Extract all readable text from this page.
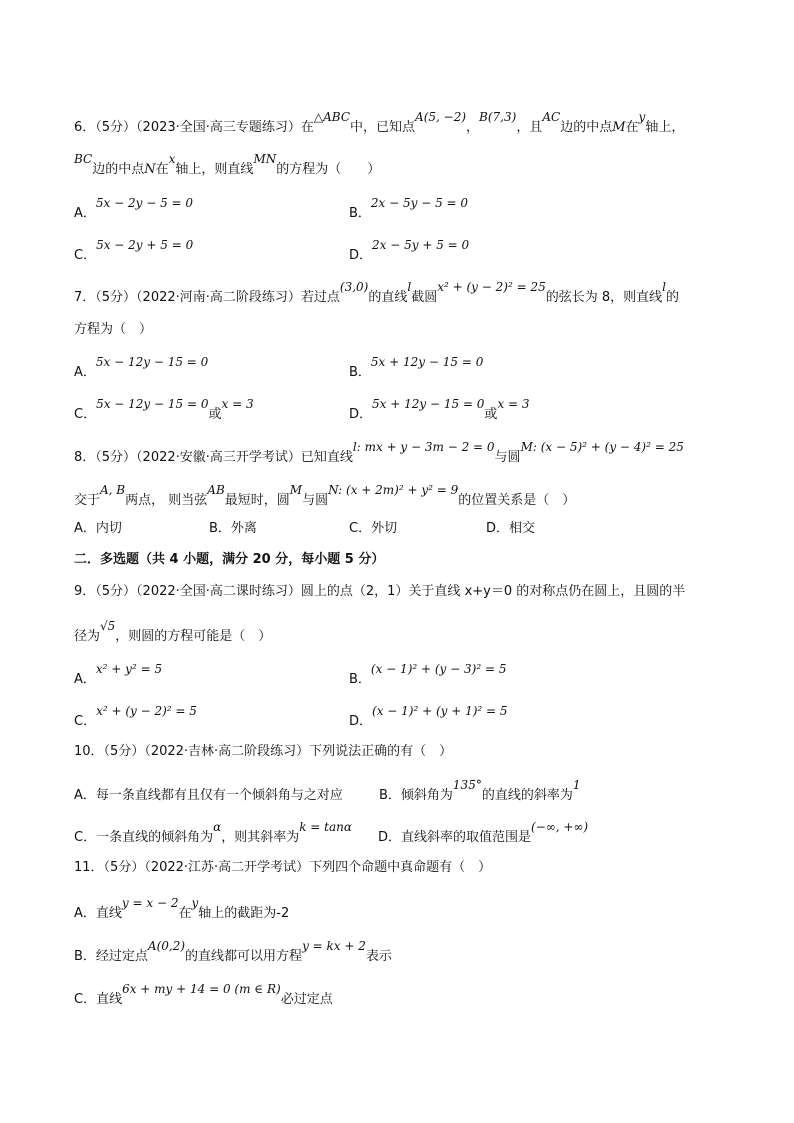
6．（5分）（2023·全国·高三专题练习）在△ABC中，已知点A(5, −2)，B(7,3)，且AC边的中点M在y轴上，
BC边的中点N在x轴上，则直线MN的方程为（　　）
A．5x − 2y − 5 = 0
B．2x − 5y − 5 = 0
C．5x − 2y + 5 = 0
D．2x − 5y + 5 = 0
7．（5分）（2022·河南·高二阶段练习）若过点(3,0)的直线l截圆x² + (y − 2)² = 25的弦长为 8，则直线l的
方程为（　）
A．5x − 12y − 15 = 0
B．5x + 12y − 15 = 0
C．5x − 12y − 15 = 0或x = 3
D．5x + 12y − 15 = 0或x = 3
8．（5分）（2022·安徽·高三开学考试）已知直线l: mx + y − 3m − 2 = 0与圆M: (x − 5)² + (y − 4)² = 25
交于A, B两点， 则当弦AB最短时，圆M与圆N: (x + 2m)² + y² = 9的位置关系是（　）
A．内切	B．外离	C．外切	D．相交
二．多选题（共 4 小题，满分 20 分，每小题 5 分）
9．（5分）（2022·全国·高二课时练习）圆上的点（2，1）关于直线 x+y＝0 的对称点仍在圆上，且圆的半
径为√5，则圆的方程可能是（　）
A．x² + y² = 5
B．(x − 1)² + (y − 3)² = 5
C．x² + (y − 2)² = 5
D．(x − 1)² + (y + 1)² = 5
10．（5分）（2022·吉林·高二阶段练习）下列说法正确的有（　）
A．每一条直线都有且仅有一个倾斜角与之对应	B．倾斜角为135°的直线的斜率为1
C．一条直线的倾斜角为α，则其斜率为k = tanα
D．直线斜率的取值范围是(−∞, +∞)
11．（5分）（2022·江苏·高二开学考试）下列四个命题中真命题有（　）
A．直线y = x − 2在y轴上的截距为-2
B．经过定点A(0,2)的直线都可以用方程y = kx + 2表示
C．直线6x + my + 14 = 0 (m ∈ R)必过定点
